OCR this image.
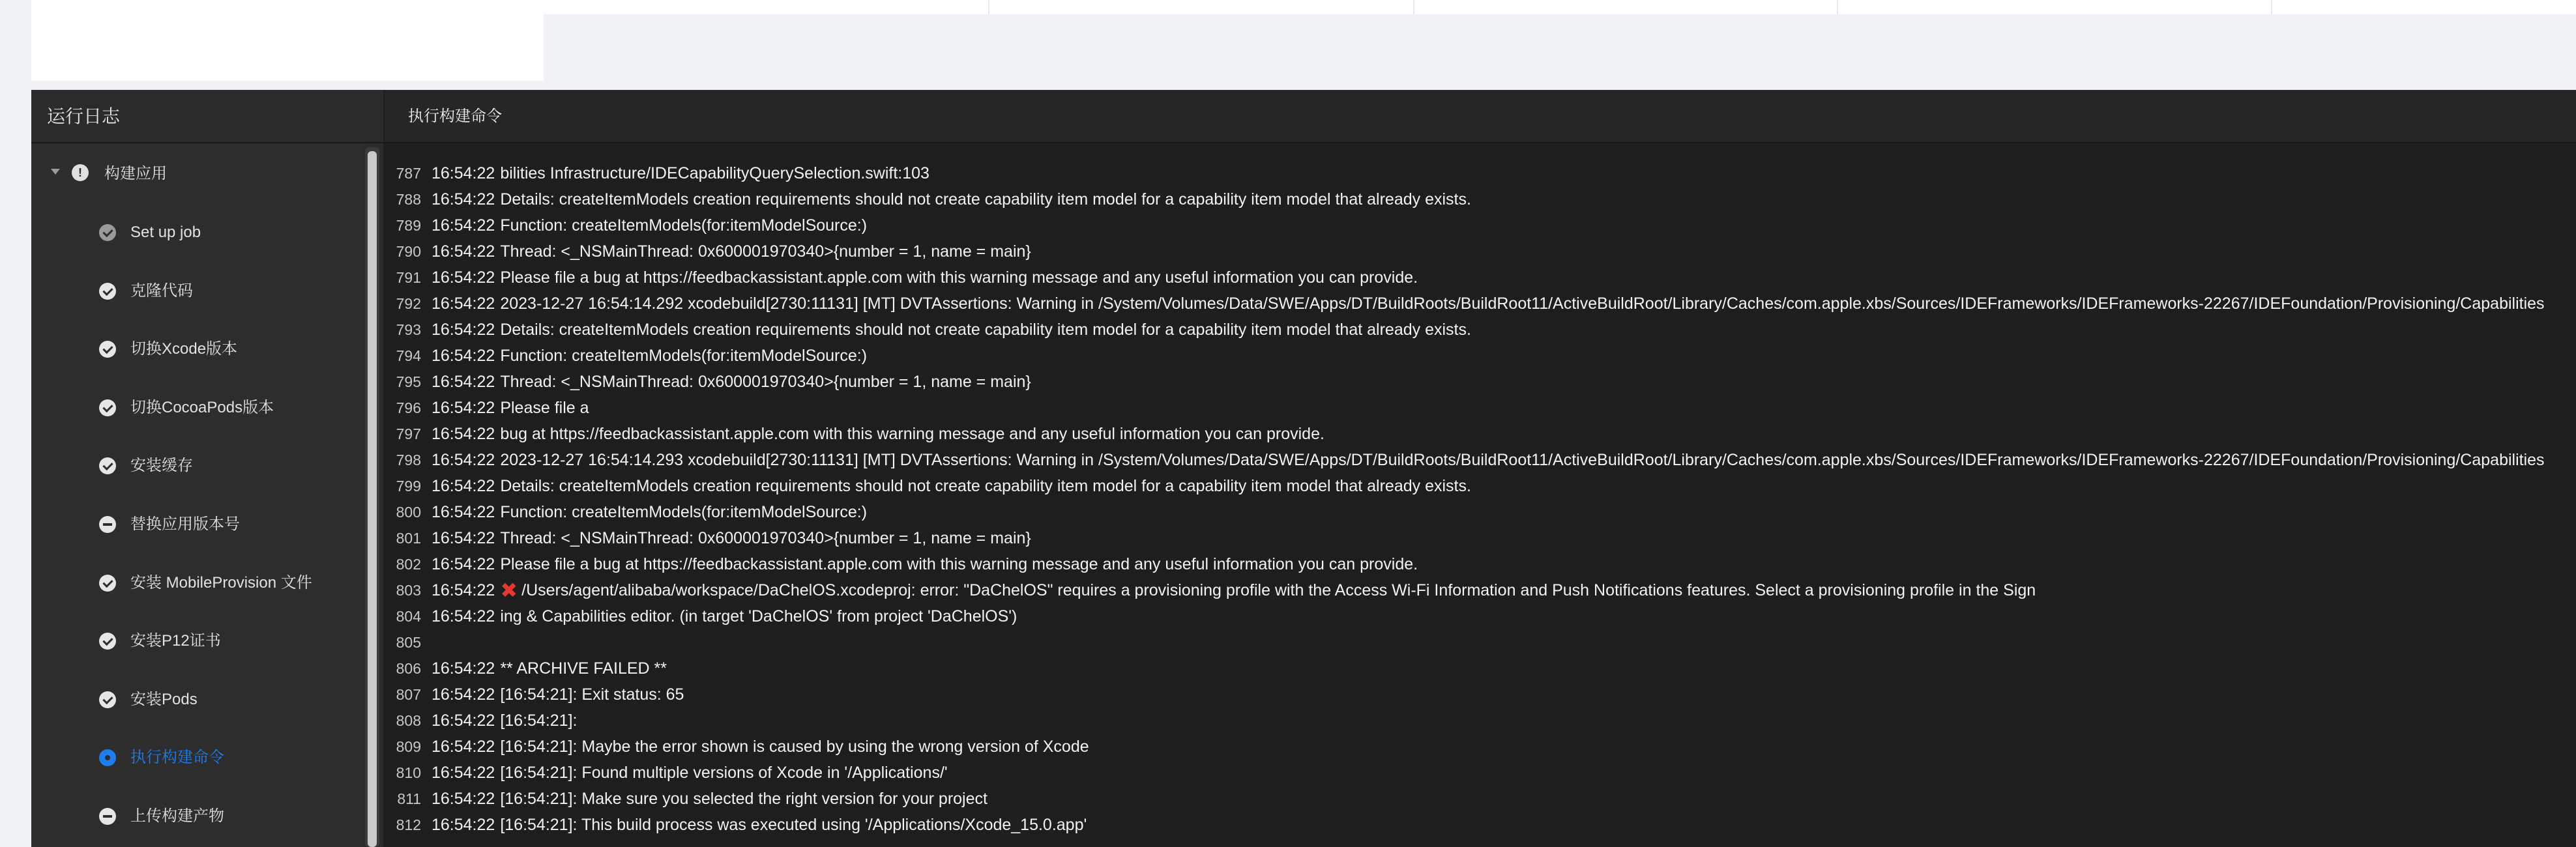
运行日志
!	构建应用
Set up job
克隆代码
切换Xcode版本
切换CocoaPods版本
安装缓存
替换应用版本号
安装 MobileProvision 文件
安装P12证书
安装Pods
执行构建命令
上传构建产物
执行构建命令
787 16:54:22 bilities Infrastructure/IDECapabilityQuerySelection.swift:103
788 16:54:22 Details: createItemModels creation requirements should not create capability item model for a capability item model that already exists.
789 16:54:22 Function: createItemModels(for:itemModelSource:)
790 16:54:22 Thread: <_NSMainThread: 0x600001970340>{number = 1, name = main}
791 16:54:22 Please file a bug at https://feedbackassistant.apple.com with this warning message and any useful information you can provide.
792 16:54:22 2023-12-27 16:54:14.292 xcodebuild[2730:11131] [MT] DVTAssertions: Warning in /System/Volumes/Data/SWE/Apps/DT/BuildRoots/BuildRoot11/ActiveBuildRoot/Library/Caches/com.apple.xbs/Sources/IDEFrameworks/IDEFrameworks-22267/IDEFoundation/Provisioning/Capabilities
793 16:54:22 Details: createItemModels creation requirements should not create capability item model for a capability item model that already exists.
794 16:54:22 Function: createItemModels(for:itemModelSource:)
795 16:54:22 Thread: <_NSMainThread: 0x600001970340>{number = 1, name = main}
796 16:54:22 Please file a
797 16:54:22 bug at https://feedbackassistant.apple.com with this warning message and any useful information you can provide.
798 16:54:22 2023-12-27 16:54:14.293 xcodebuild[2730:11131] [MT] DVTAssertions: Warning in /System/Volumes/Data/SWE/Apps/DT/BuildRoots/BuildRoot11/ActiveBuildRoot/Library/Caches/com.apple.xbs/Sources/IDEFrameworks/IDEFrameworks-22267/IDEFoundation/Provisioning/Capabilities
799 16:54:22 Details: createItemModels creation requirements should not create capability item model for a capability item model that already exists.
800 16:54:22 Function: createItemModels(for:itemModelSource:)
801 16:54:22 Thread: <_NSMainThread: 0x600001970340>{number = 1, name = main}
802 16:54:22 Please file a bug at https://feedbackassistant.apple.com with this warning message and any useful information you can provide.
803 16:54:22 ✖ /Users/agent/alibaba/workspace/DaChelOS.xcodeproj: error: "DaChelOS" requires a provisioning profile with the Access Wi-Fi Information and Push Notifications features. Select a provisioning profile in the Sign
804 16:54:22 ing & Capabilities editor. (in target 'DaChelOS' from project 'DaChelOS')
805
806 16:54:22 ** ARCHIVE FAILED **
807 16:54:22 [16:54:21]: Exit status: 65
808 16:54:22 [16:54:21]:
809 16:54:22 [16:54:21]: Maybe the error shown is caused by using the wrong version of Xcode
810 16:54:22 [16:54:21]: Found multiple versions of Xcode in '/Applications/'
811 16:54:22 [16:54:21]: Make sure you selected the right version for your project
812 16:54:22 [16:54:21]: This build process was executed using '/Applications/Xcode_15.0.app'
